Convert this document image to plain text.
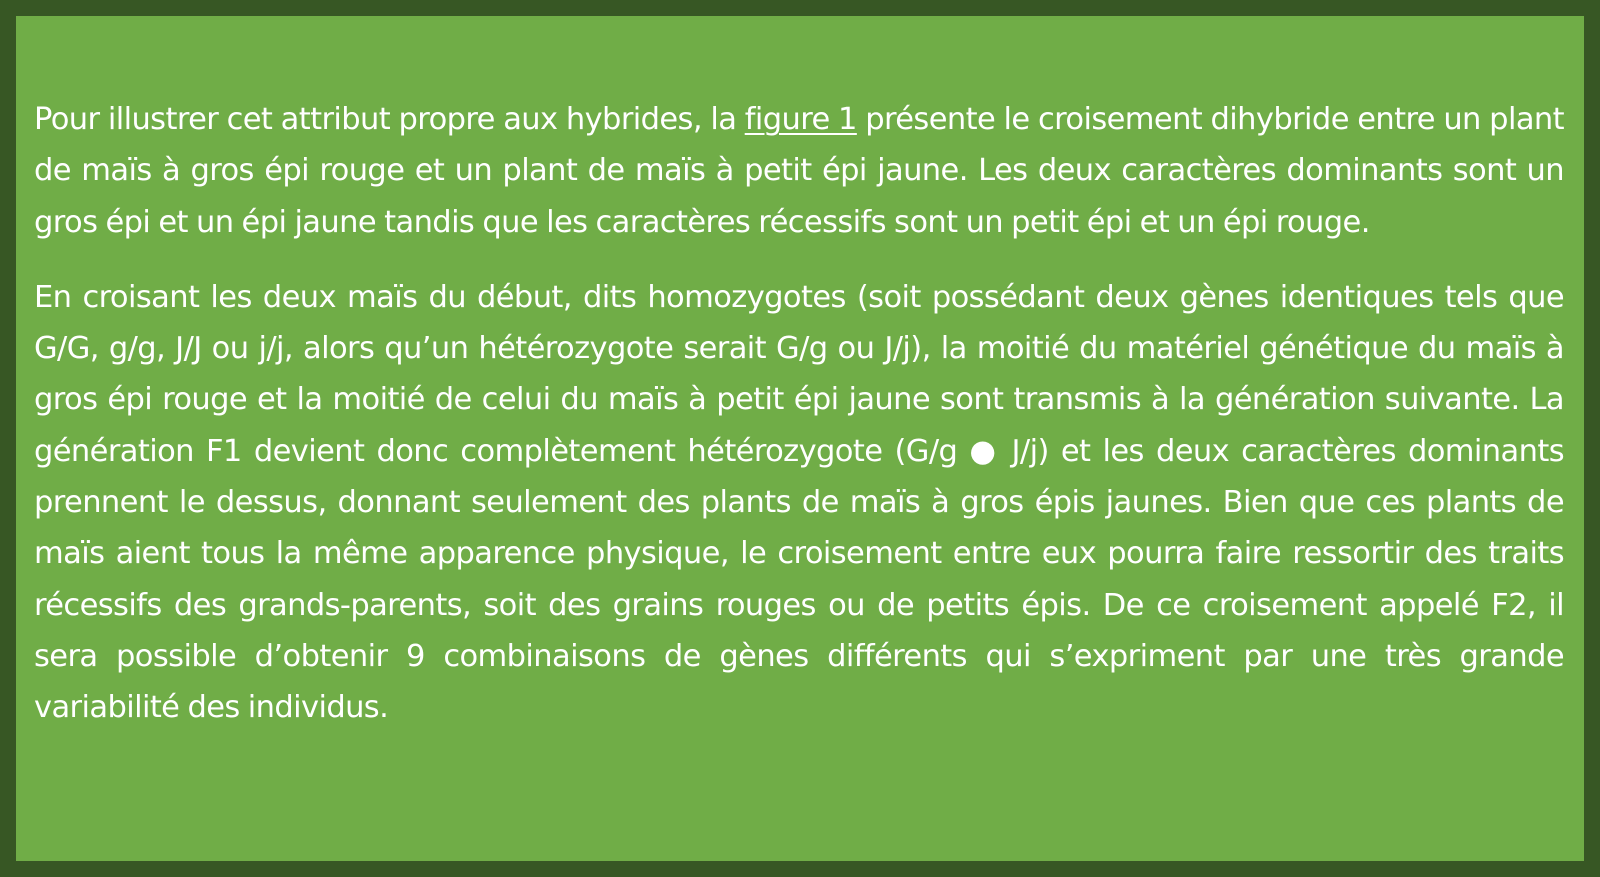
Pour illustrer cet attribut propre aux hybrides, la figure 1 présente le croisement dihybride entre un plant de maïs à gros épi rouge et un plant de maïs à petit épi jaune. Les deux caractères dominants sont un gros épi et un épi jaune tandis que les caractères récessifs sont un petit épi et un épi rouge.

En croisant les deux maïs du début, dits homozygotes (soit possédant deux gènes identiques tels que G/G, g/g, J/J ou j/j, alors qu’un hétérozygote serait G/g ou J/j), la moitié du matériel génétique du maïs à gros épi rouge et la moitié de celui du maïs à petit épi jaune sont transmis à la génération suivante. La génération F1 devient donc complètement hétérozygote (G/g ● J/j) et les deux caractères dominants prennent le dessus, donnant seulement des plants de maïs à gros épis jaunes. Bien que ces plants de maïs aient tous la même apparence physique, le croisement entre eux pourra faire ressortir des traits récessifs des grands-parents, soit des grains rouges ou de petits épis. De ce croisement appelé F2, il sera possible d’obtenir 9 combinaisons de gènes différents qui s’expriment par une très grande variabilité des individus.
